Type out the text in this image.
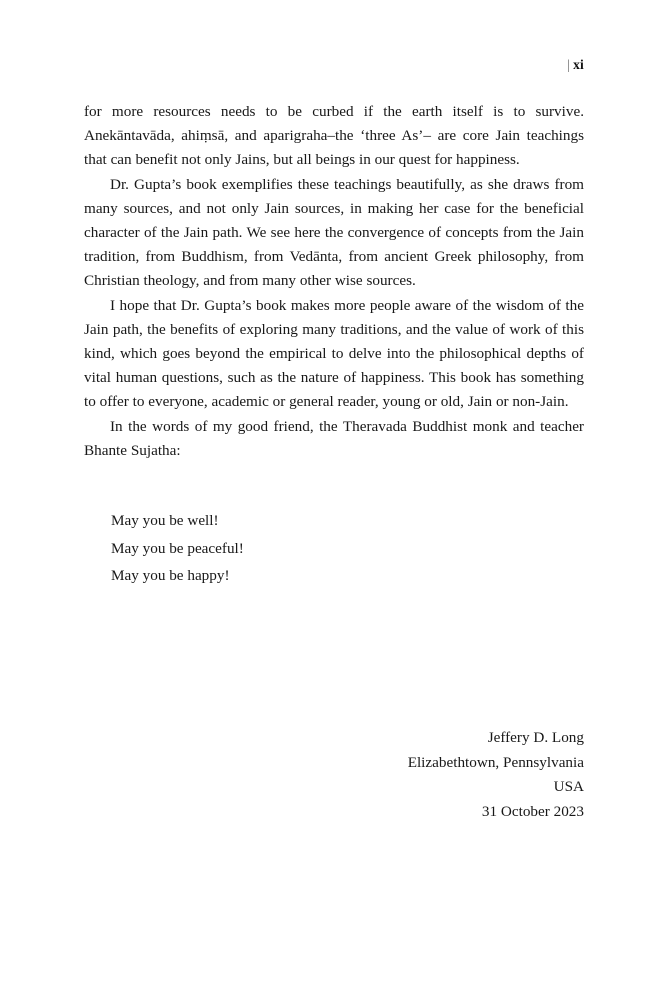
| xi

for more resources needs to be curbed if the earth itself is to survive. Anekāntavāda, ahiṃsā, and aparigraha–the ‘three As’– are core Jain teachings that can benefit not only Jains, but all beings in our quest for happiness.

Dr. Gupta’s book exemplifies these teachings beautifully, as she draws from many sources, and not only Jain sources, in making her case for the beneficial character of the Jain path. We see here the convergence of concepts from the Jain tradition, from Buddhism, from Vedānta, from ancient Greek philosophy, from Christian theology, and from many other wise sources.

I hope that Dr. Gupta’s book makes more people aware of the wisdom of the Jain path, the benefits of exploring many traditions, and the value of work of this kind, which goes beyond the empirical to delve into the philosophical depths of vital human questions, such as the nature of happiness. This book has something to offer to everyone, academic or general reader, young or old, Jain or non-Jain.

In the words of my good friend, the Theravada Buddhist monk and teacher Bhante Sujatha:

May you be well!
May you be peaceful!
May you be happy!
Jeffery D. Long
Elizabethtown, Pennsylvania
USA
31 October 2023
